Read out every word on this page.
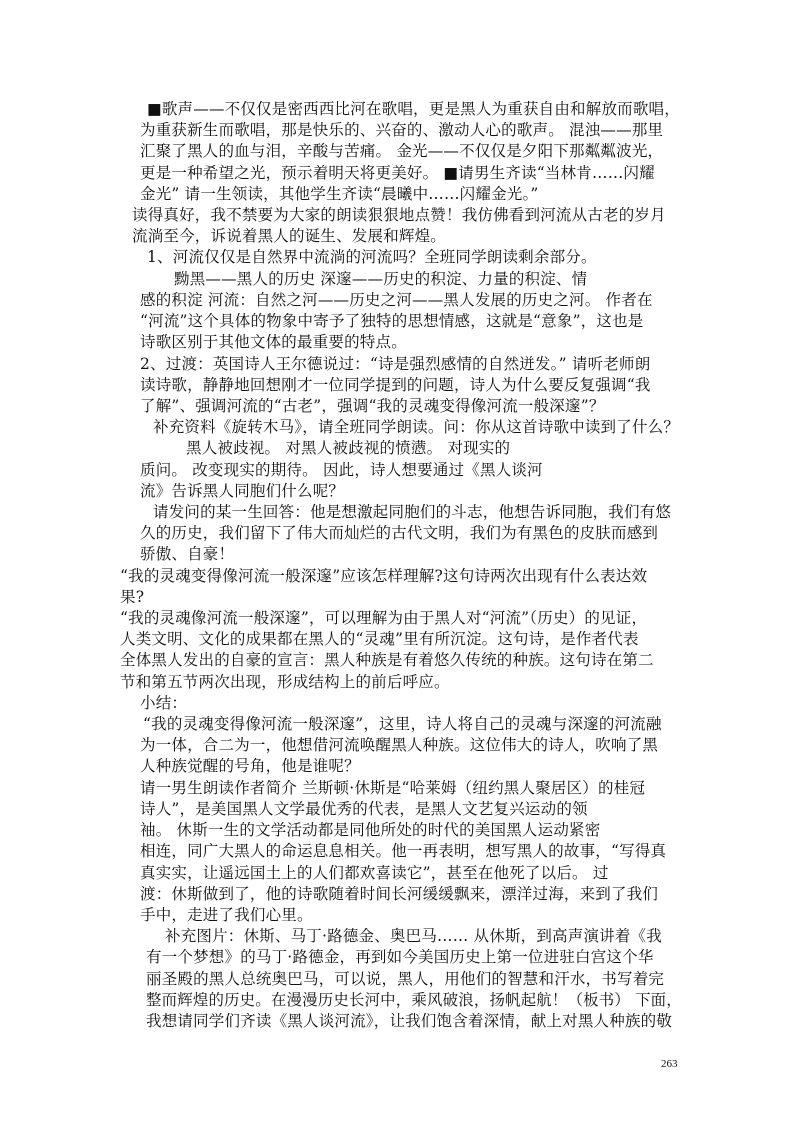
■歌声——不仅仅是密西西比河在歌唱，更是黑人为重获自由和解放而歌唱，
为重获新生而歌唱，那是快乐的、兴奋的、激动人心的歌声。 混浊——那里
汇聚了黑人的血与泪，辛酸与苦痛。 金光——不仅仅是夕阳下那粼粼波光，
更是一种希望之光，预示着明天将更美好。 ■请男生齐读“当林肯……闪耀
金光” 请一生领读，其他学生齐读“晨曦中……闪耀金光。”
读得真好，我不禁要为大家的朗读狠狠地点赞！我仿佛看到河流从古老的岁月
流淌至今，诉说着黑人的诞生、发展和辉煌。
1、河流仅仅是自然界中流淌的河流吗？全班同学朗读剩余部分。
黝黑——黑人的历史 深邃——历史的积淀、力量的积淀、情
感的积淀 河流：自然之河——历史之河——黑人发展的历史之河。 作者在
“河流”这个具体的物象中寄予了独特的思想情感，这就是“意象”，这也是
诗歌区别于其他文体的最重要的特点。
2、过渡：英国诗人王尔德说过：“诗是强烈感情的自然迸发。” 请听老师朗
读诗歌，静静地回想刚才一位同学提到的问题，诗人为什么要反复强调“我
了解”、强调河流的“古老”，强调“我的灵魂变得像河流一般深邃”？
补充资料《旋转木马》，请全班同学朗读。问：你从这首诗歌中读到了什么？
黑人被歧视。 对黑人被歧视的愤懑。 对现实的
质问。 改变现实的期待。 因此，诗人想要通过《黑人谈河
流》告诉黑人同胞们什么呢？
请发问的某一生回答：他是想激起同胞们的斗志，他想告诉同胞，我们有悠
久的历史，我们留下了伟大而灿烂的古代文明，我们为有黑色的皮肤而感到
骄傲、自豪！
“我的灵魂变得像河流一般深邃”应该怎样理解?这句诗两次出现有什么表达效
果?
“我的灵魂像河流一般深邃”，可以理解为由于黑人对“河流”（历史）的见证，
人类文明、文化的成果都在黑人的“灵魂”里有所沉淀。这句诗，是作者代表
全体黑人发出的自豪的宣言：黑人种族是有着悠久传统的种族。这句诗在第二
节和第五节两次出现，形成结构上的前后呼应。
小结：
“我的灵魂变得像河流一般深邃”，这里，诗人将自己的灵魂与深邃的河流融
为一体，合二为一，他想借河流唤醒黑人种族。这位伟大的诗人，吹响了黑
人种族觉醒的号角，他是谁呢？
请一男生朗读作者简介 兰斯顿·休斯是“哈莱姆（纽约黑人聚居区）的桂冠
诗人”，是美国黑人文学最优秀的代表，是黑人文艺复兴运动的领
袖。 休斯一生的文学活动都是同他所处的时代的美国黑人运动紧密
相连，同广大黑人的命运息息相关。他一再表明，想写黑人的故事，“写得真
真实实，让遥远国土上的人们都欢喜读它”，甚至在他死了以后。 过
渡：休斯做到了，他的诗歌随着时间长河缓缓飘来，漂洋过海，来到了我们
手中，走进了我们心里。
补充图片：休斯、马丁·路德金、奥巴马…… 从休斯，到高声演讲着《我
有一个梦想》的马丁·路德金，再到如今美国历史上第一位进驻白宫这个华
丽圣殿的黑人总统奥巴马，可以说，黑人，用他们的智慧和汗水，书写着完
整而辉煌的历史。在漫漫历史长河中，乘风破浪，扬帆起航！（板书） 下面，
我想请同学们齐读《黑人谈河流》，让我们饱含着深情，献上对黑人种族的敬
263
